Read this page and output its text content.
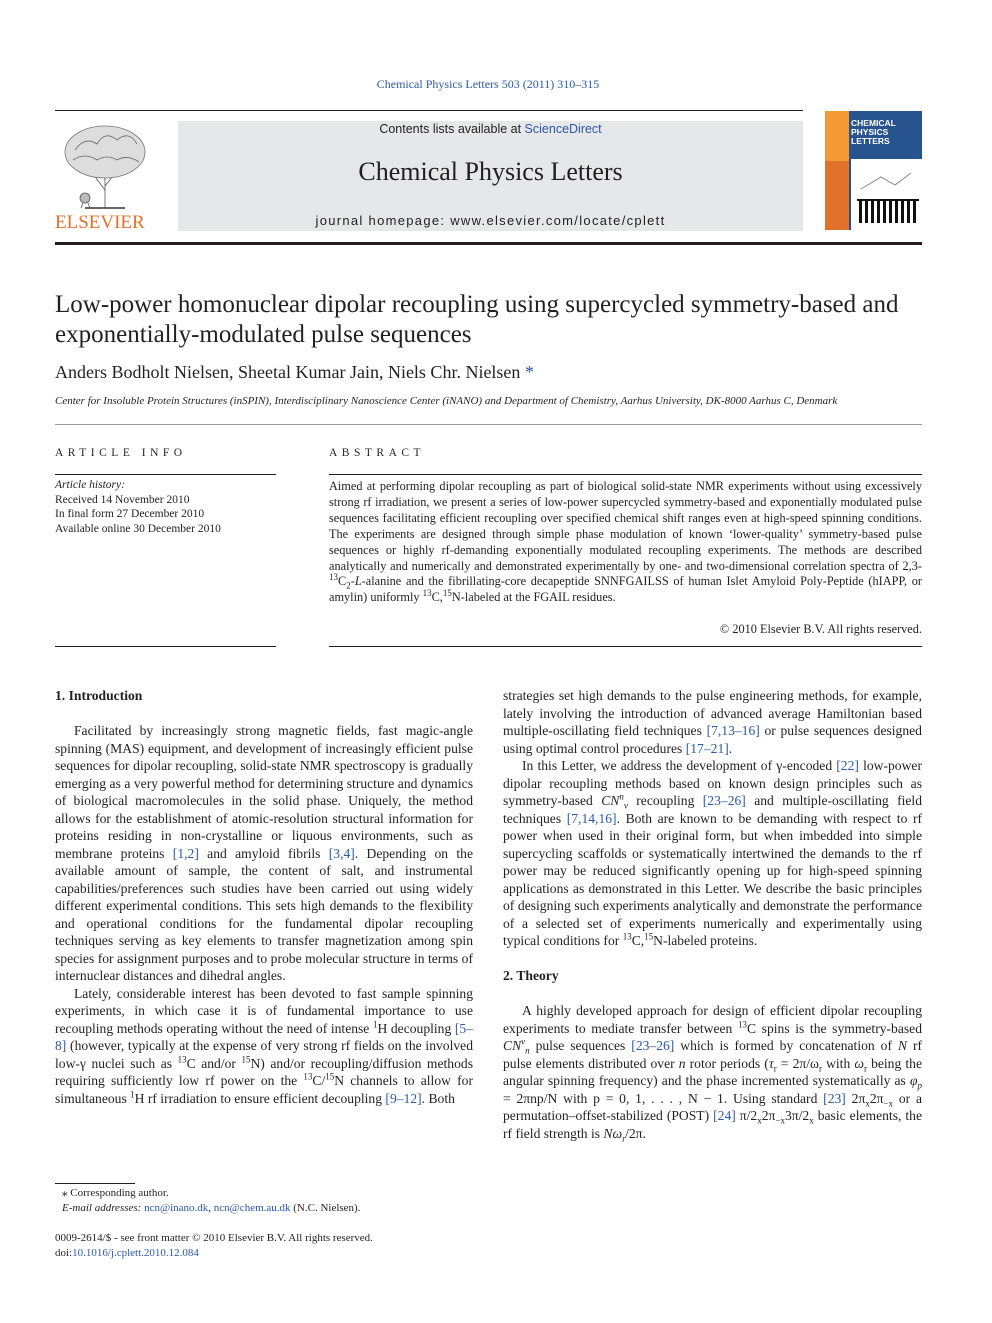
Chemical Physics Letters 503 (2011) 310–315
ELSEVIER
Contents lists available at ScienceDirect
Chemical Physics Letters
journal homepage: www.elsevier.com/locate/cplett
CHEMICAL
PHYSICS
LETTERS
Low-power homonuclear dipolar recoupling using supercycled symmetry-based and exponentially-modulated pulse sequences
Anders Bodholt Nielsen, Sheetal Kumar Jain, Niels Chr. Nielsen *
Center for Insoluble Protein Structures (inSPIN), Interdisciplinary Nanoscience Center (iNANO) and Department of Chemistry, Aarhus University, DK-8000 Aarhus C, Denmark
ARTICLE INFO
Article history:
Received 14 November 2010
In final form 27 December 2010
Available online 30 December 2010
ABSTRACT
Aimed at performing dipolar recoupling as part of biological solid-state NMR experiments without using excessively strong rf irradiation, we present a series of low-power supercycled symmetry-based and exponentially modulated pulse sequences facilitating efficient recoupling over specified chemical shift ranges even at high-speed spinning conditions. The experiments are designed through simple phase modulation of known ‘lower-quality’ symmetry-based pulse sequences or highly rf-demanding exponentially modulated recoupling experiments. The methods are described analytically and numerically and demonstrated experimentally by one- and two-dimensional correlation spectra of $2,3-^{13}C_2-L$-alanine and the fibrillating-core decapeptide SNNFGAILSS of human Islet Amyloid Poly-Peptide (hIAPP, or amylin) uniformly $^{13}$C,$^{15}$N-labeled at the FGAIL residues.
© 2010 Elsevier B.V. All rights reserved.
1. Introduction

Facilitated by increasingly strong magnetic fields, fast magic-angle spinning (MAS) equipment, and development of increasingly efficient pulse sequences for dipolar recoupling, solid-state NMR spectroscopy is gradually emerging as a very powerful method for determining structure and dynamics of biological macromolecules in the solid phase. Uniquely, the method allows for the establishment of atomic-resolution structural information for proteins residing in non-crystalline or liquous environments, such as membrane proteins [1,2] and amyloid fibrils [3,4]. Depending on the available amount of sample, the content of salt, and instrumental capabilities/preferences such studies have been carried out using widely different experimental conditions. This sets high demands to the flexibility and operational conditions for the fundamental dipolar recoupling techniques serving as key elements to transfer magnetization among spin species for assignment purposes and to probe molecular structure in terms of internuclear distances and dihedral angles.

Lately, considerable interest has been devoted to fast sample spinning experiments, in which case it is of fundamental importance to use recoupling methods operating without the need of intense $^1$H decoupling [5–8] (however, typically at the expense of very strong rf fields on the involved low-γ nuclei such as $^{13}$C and/or $^{15}$N) and/or recoupling/diffusion methods requiring sufficiently low rf power on the $^{13}$C/$^{15}$N channels to allow for simultaneous $^1$H rf irradiation to ensure efficient decoupling [9–12]. Both

strategies set high demands to the pulse engineering methods, for example, lately involving the introduction of advanced average Hamiltonian based multiple-oscillating field techniques [7,13–16] or pulse sequences designed using optimal control procedures [17–21].

In this Letter, we address the development of γ-encoded [22] low-power dipolar recoupling methods based on known design principles such as symmetry-based $CN^n_\nu$ recoupling [23–26] and multiple-oscillating field techniques [7,14,16]. Both are known to be demanding with respect to rf power when used in their original form, but when imbedded into simple supercycling scaffolds or systematically intertwined the demands to the rf power may be reduced significantly opening up for high-speed spinning applications as demonstrated in this Letter. We describe the basic principles of designing such experiments analytically and demonstrate the performance of a selected set of experiments numerically and experimentally using typical conditions for $^{13}$C,$^{15}$N-labeled proteins.

2. Theory

A highly developed approach for design of efficient dipolar recoupling experiments to mediate transfer between $^{13}$C spins is the symmetry-based $CN^\nu_n$ pulse sequences [23–26] which is formed by concatenation of N rf pulse elements distributed over n rotor periods ($\tau_r = 2\pi/\omega_r$ with $\omega_r$ being the angular spinning frequency) and the phase incremented systematically as $\varphi_p = 2\pi np/N$ with p = 0, 1, . . . , N − 1. Using standard [23] $2\pi_x2\pi_{-x}$ or a permutation–offset-stabilized (POST) [24] $\pi/2_x2\pi_{-x}3\pi/2_x$ basic elements, the rf field strength is $N\omega_r/2\pi$.

⁎ Corresponding author.
E-mail addresses: ncn@inano.dk, ncn@chem.au.dk (N.C. Nielsen).
0009-2614/$ - see front matter © 2010 Elsevier B.V. All rights reserved.
doi:10.1016/j.cplett.2010.12.084
